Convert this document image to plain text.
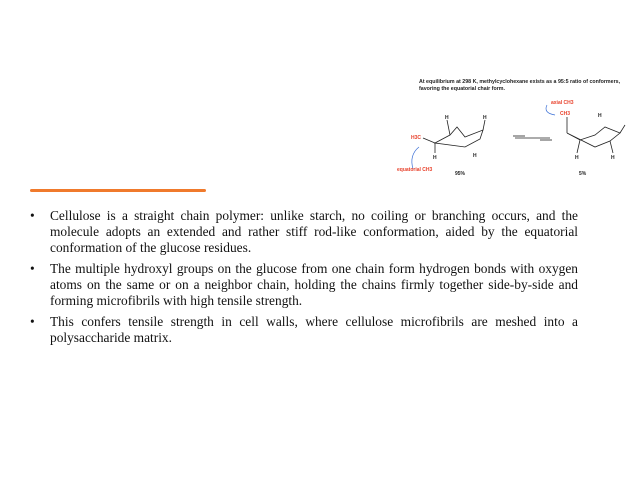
At equilibrium at 298 K, methylcyclohexane exists as a 95:5 ratio of conformers, favoring the equatorial chair form.
H	H
H	H
H
H	H
95%	5%
H3C
CH3
axial CH3
equatorial CH3
• Cellulose is a straight chain polymer: unlike starch, no coiling or branching occurs, and the molecule adopts an extended and rather stiff rod-like conformation, aided by the equatorial conformation of the glucose residues.
• The multiple hydroxyl groups on the glucose from one chain form hydrogen bonds with oxygen atoms on the same or on a neighbor chain, holding the chains firmly together side-by-side and forming microfibrils with high tensile strength.
• This confers tensile strength in cell walls, where cellulose microfibrils are meshed into a polysaccharide matrix.
